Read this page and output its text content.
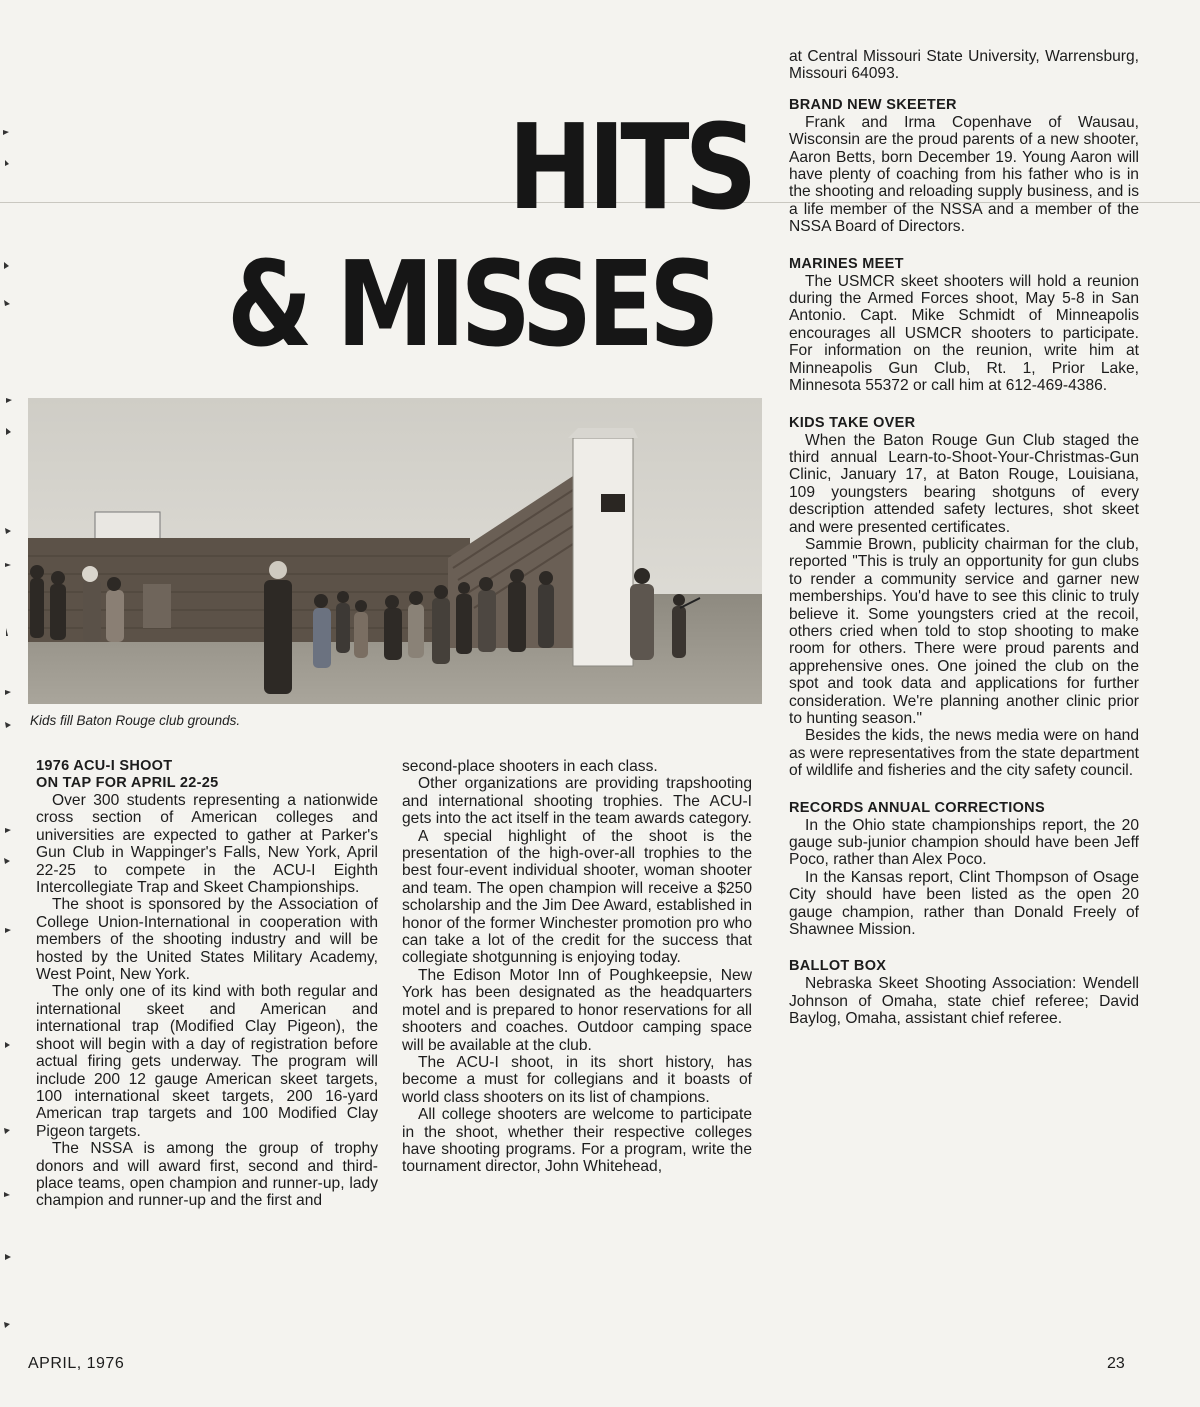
HITS
& MISSES
Kids fill Baton Rouge club grounds.
1976 ACU-I SHOOT
ON TAP FOR APRIL 22-25

Over 300 students representing a nationwide cross section of American colleges and universities are expected to gather at Parker's Gun Club in Wappinger's Falls, New York, April 22-25 to compete in the ACU-I Eighth Intercollegiate Trap and Skeet Championships.

The shoot is sponsored by the Association of College Union-International in cooperation with members of the shooting industry and will be hosted by the United States Military Academy, West Point, New York.

The only one of its kind with both regular and international skeet and American and international trap (Modified Clay Pigeon), the shoot will begin with a day of registration before actual firing gets underway. The program will include 200 12 gauge American skeet targets, 100 international skeet targets, 200 16-yard American trap targets and 100 Modified Clay Pigeon targets.

The NSSA is among the group of trophy donors and will award first, second and third-place teams, open champion and runner-up, lady champion and runner-up and the first and

second-place shooters in each class.

Other organizations are providing trapshooting and international shooting trophies. The ACU-I gets into the act itself in the team awards category.

A special highlight of the shoot is the presentation of the high-over-all trophies to the best four-event individual shooter, woman shooter and team. The open champion will receive a $250 scholarship and the Jim Dee Award, established in honor of the former Winchester promotion pro who can take a lot of the credit for the success that collegiate shotgunning is enjoying today.

The Edison Motor Inn of Poughkeepsie, New York has been designated as the headquarters motel and is prepared to honor reservations for all shooters and coaches. Outdoor camping space will be available at the club.

The ACU-I shoot, in its short history, has become a must for collegians and it boasts of world class shooters on its list of champions.

All college shooters are welcome to participate in the shoot, whether their respective colleges have shooting programs. For a program, write the tournament director, John Whitehead,

at Central Missouri State University, Warrensburg, Missouri 64093.

BRAND NEW SKEETER

Frank and Irma Copenhave of Wausau, Wisconsin are the proud parents of a new shooter, Aaron Betts, born December 19. Young Aaron will have plenty of coaching from his father who is in the shooting and reloading supply business, and is a life member of the NSSA and a member of the NSSA Board of Directors.

MARINES MEET

The USMCR skeet shooters will hold a reunion during the Armed Forces shoot, May 5-8 in San Antonio. Capt. Mike Schmidt of Minneapolis encourages all USMCR shooters to participate. For information on the reunion, write him at Minneapolis Gun Club, Rt. 1, Prior Lake, Minnesota 55372 or call him at 612-469-4386.

KIDS TAKE OVER

When the Baton Rouge Gun Club staged the third annual Learn-to-Shoot-Your-Christmas-Gun Clinic, January 17, at Baton Rouge, Louisiana, 109 youngsters bearing shotguns of every description attended safety lectures, shot skeet and were presented certificates.

Sammie Brown, publicity chairman for the club, reported "This is truly an opportunity for gun clubs to render a community service and garner new memberships. You'd have to see this clinic to truly believe it. Some youngsters cried at the recoil, others cried when told to stop shooting to make room for others. There were proud parents and apprehensive ones. One joined the club on the spot and took data and applications for further consideration. We're planning another clinic prior to hunting season."

Besides the kids, the news media were on hand as were representatives from the state department of wildlife and fisheries and the city safety council.

RECORDS ANNUAL CORRECTIONS

In the Ohio state championships report, the 20 gauge sub-junior champion should have been Jeff Poco, rather than Alex Poco.

In the Kansas report, Clint Thompson of Osage City should have been listed as the open 20 gauge champion, rather than Donald Freely of Shawnee Mission.

BALLOT BOX

Nebraska Skeet Shooting Association: Wendell Johnson of Omaha, state chief referee; David Baylog, Omaha, assistant chief referee.

APRIL, 1976	23
